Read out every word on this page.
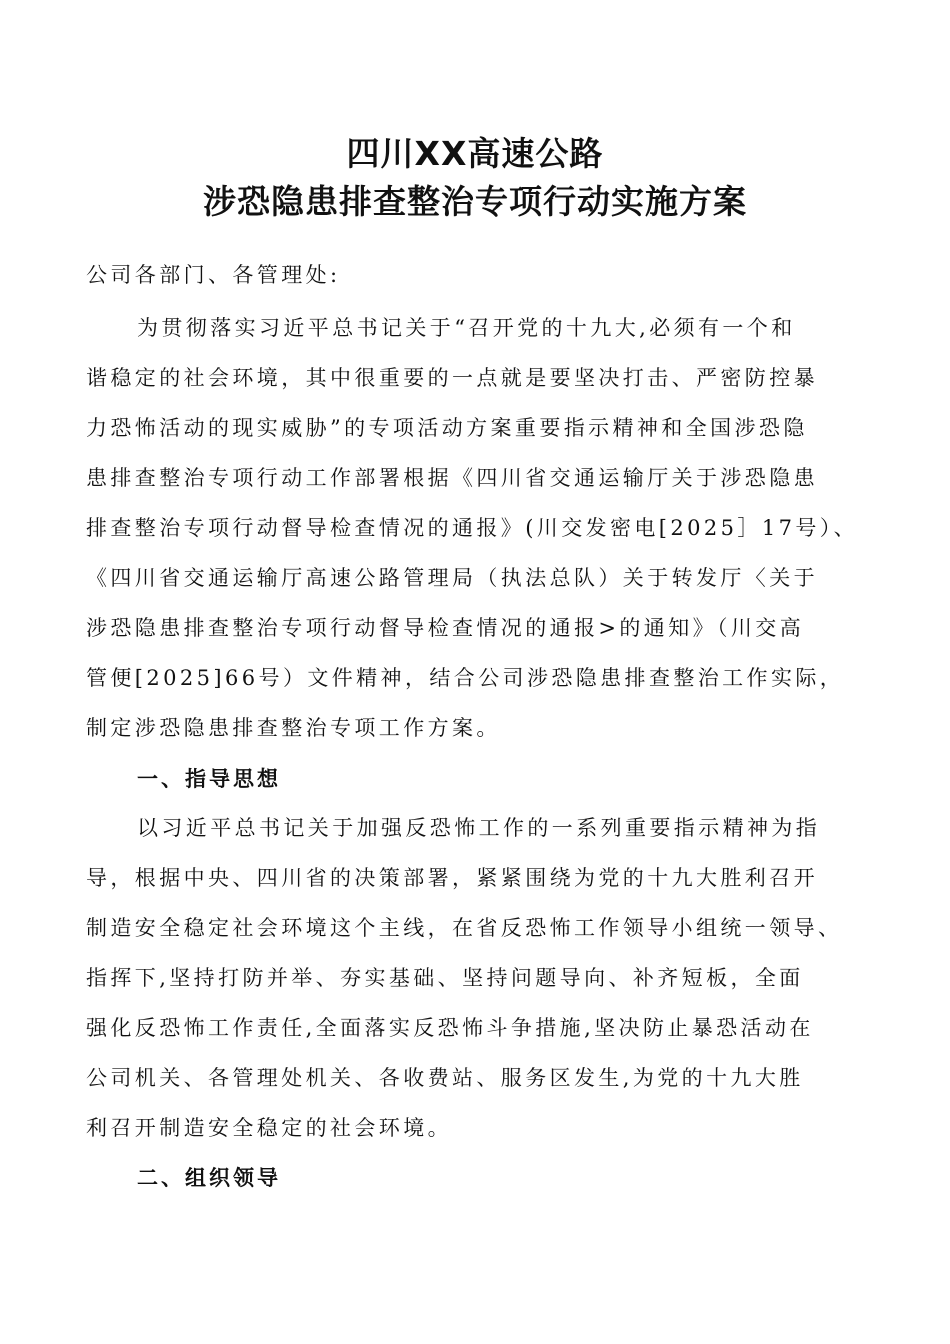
四川XX高速公路
涉恐隐患排查整治专项行动实施方案
公司各部门、各管理处:
为贯彻落实习近平总书记关于“召开党的十九大,必须有一个和
谐稳定的社会环境，其中很重要的一点就是要坚决打击、严密防控暴
力恐怖活动的现实威胁”的专项活动方案重要指示精神和全国涉恐隐
患排查整治专项行动工作部署根据《四川省交通运输厅关于涉恐隐患
排查整治专项行动督导检查情况的通报》(川交发密电[2025］17号）、
《四川省交通运输厅高速公路管理局（执法总队）关于转发厅〈关于
涉恐隐患排查整治专项行动督导检查情况的通报>的通知》（川交高
管便[2025]66号）文件精神，结合公司涉恐隐患排查整治工作实际，
制定涉恐隐患排查整治专项工作方案。
一、指导思想
以习近平总书记关于加强反恐怖工作的一系列重要指示精神为指
导，根据中央、四川省的决策部署，紧紧围绕为党的十九大胜利召开
制造安全稳定社会环境这个主线，在省反恐怖工作领导小组统一领导、
指挥下,坚持打防并举、夯实基础、坚持问题导向、补齐短板，全面
强化反恐怖工作责任,全面落实反恐怖斗争措施,坚决防止暴恐活动在
公司机关、各管理处机关、各收费站、服务区发生,为党的十九大胜
利召开制造安全稳定的社会环境。
二、组织领导
